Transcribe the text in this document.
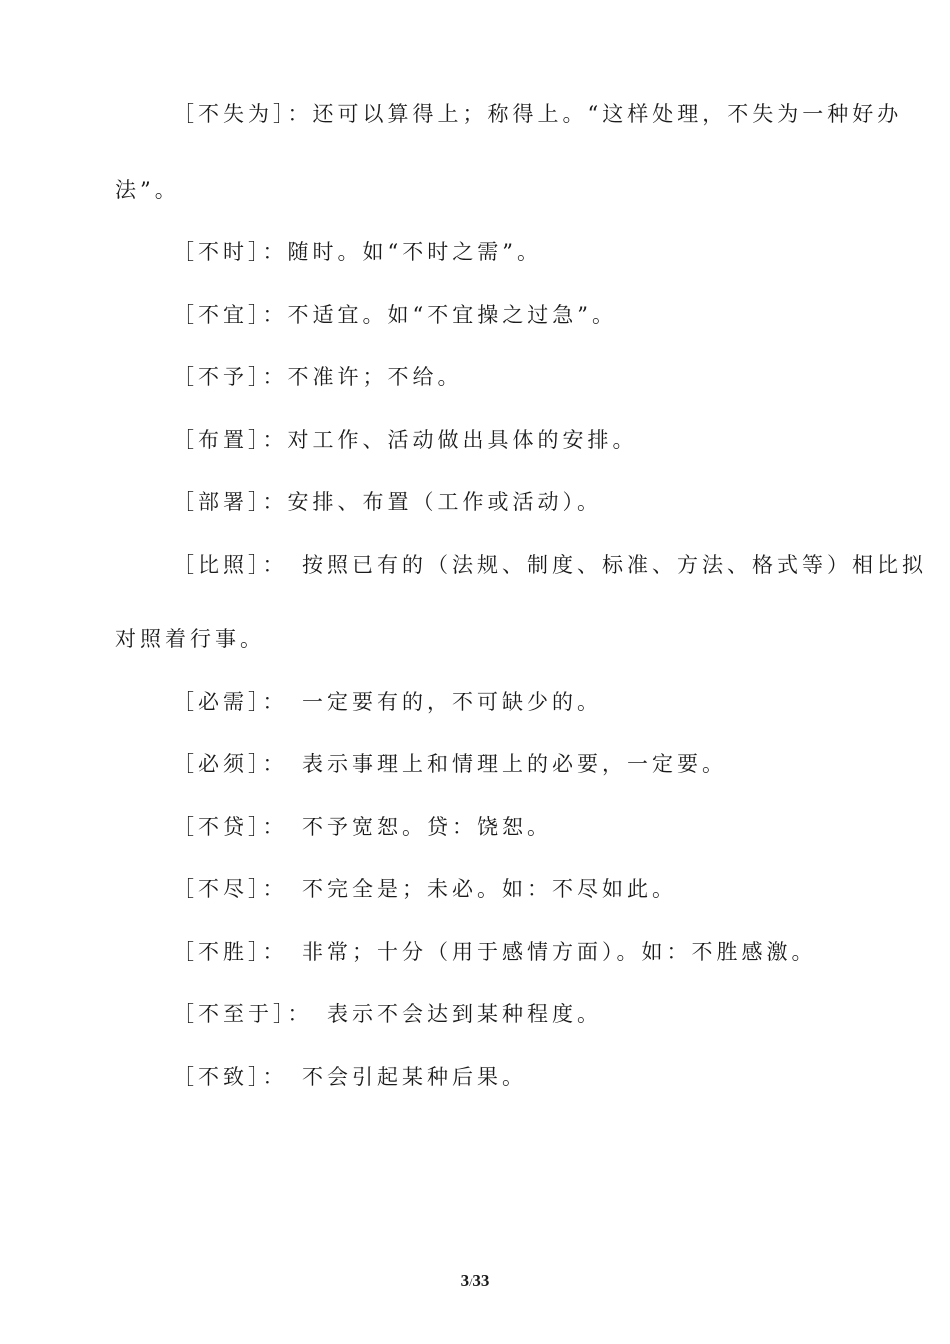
［不失为］：还可以算得上；称得上。“这样处理，不失为一种好办

法”。

［不时］：随时。如“不时之需”。

［不宜］：不适宜。如“不宜操之过急”。

［不予］：不准许；不给。

［布置］：对工作、活动做出具体的安排。

［部署］：安排、布置（工作或活动）。

［比照］：　按照已有的（法规、制度、标准、方法、格式等）相比拟

对照着行事。

［必需］：　一定要有的，不可缺少的。

［必须］：　表示事理上和情理上的必要，一定要。

［不贷］：　不予宽恕。贷：饶恕。

［不尽］：　不完全是；未必。如：不尽如此。

［不胜］：　非常；十分（用于感情方面）。如：不胜感激。

［不至于］：　表示不会达到某种程度。

［不致］：　不会引起某种后果。

3/33
